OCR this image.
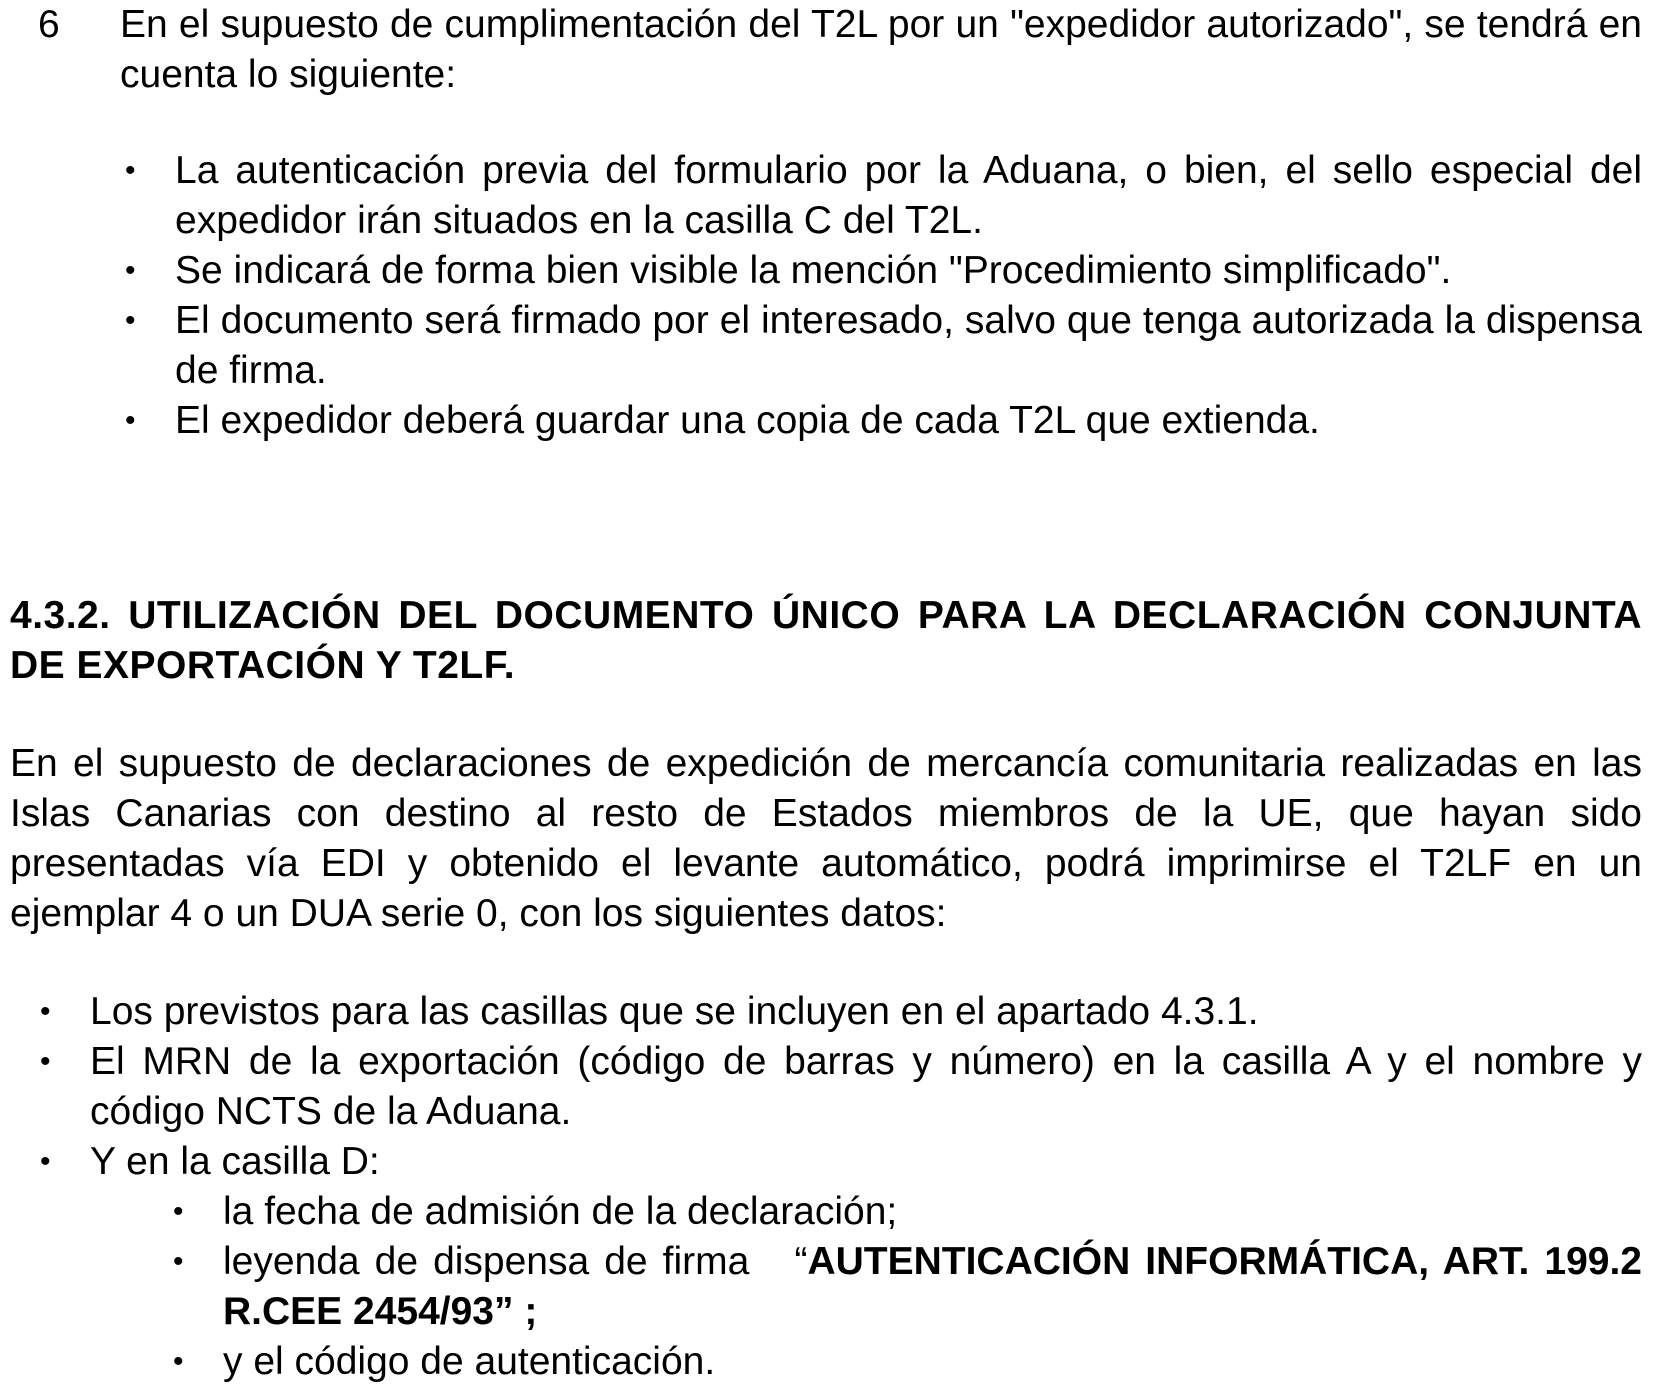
6 En el supuesto de cumplimentación del T2L por un "expedidor autorizado", se tendrá en cuenta lo siguiente:
• La autenticación previa del formulario por la Aduana, o bien, el sello especial del expedidor irán situados en la casilla C del T2L.
• Se indicará de forma bien visible la mención "Procedimiento simplificado".
• El documento será firmado por el interesado, salvo que tenga autorizada la dispensa de firma.
• El expedidor deberá guardar una copia de cada T2L que extienda.
4.3.2. UTILIZACIÓN DEL DOCUMENTO ÚNICO PARA LA DECLARACIÓN CONJUNTA DE EXPORTACIÓN Y T2LF.
En el supuesto de declaraciones de expedición de mercancía comunitaria realizadas en las Islas Canarias con destino al resto de Estados miembros de la UE, que hayan sido presentadas vía EDI y obtenido el levante automático, podrá imprimirse el T2LF en un ejemplar 4 o un DUA serie 0, con los siguientes datos:
• Los previstos para las casillas que se incluyen en el apartado 4.3.1.
• El MRN de la exportación (código de barras y número) en la casilla A y el nombre y código NCTS de la Aduana.
• Y en la casilla D:
• la fecha de admisión de la declaración;
• leyenda de dispensa de firma   “AUTENTICACIÓN INFORMÁTICA, ART. 199.2 R.CEE 2454/93” ;
• y el código de autenticación.
